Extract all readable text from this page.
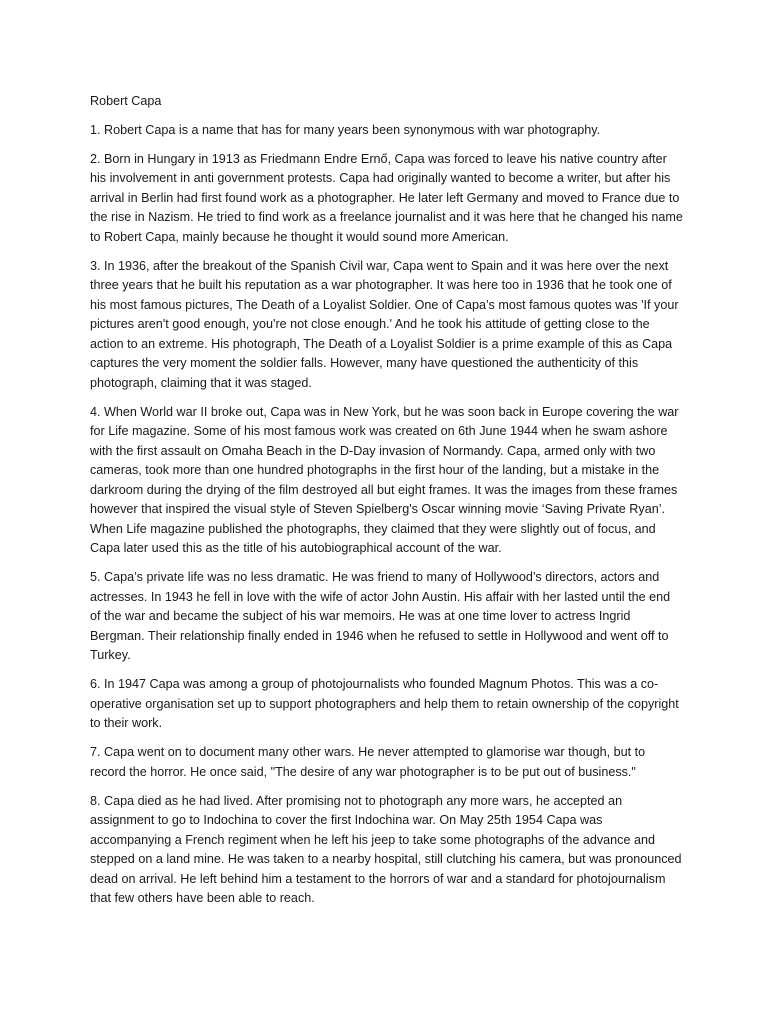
Robert Capa

1. Robert Capa is a name that has for many years been synonymous with war photography.

2. Born in Hungary in 1913 as Friedmann Endre Ernő, Capa was forced to leave his native country after his involvement in anti government protests. Capa had originally wanted to become a writer, but after his arrival in Berlin had first found work as a photographer. He later left Germany and moved to France due to the rise in Nazism. He tried to find work as a freelance journalist and it was here that he changed his name to Robert Capa, mainly because he thought it would sound more American.

3. In 1936, after the breakout of the Spanish Civil war, Capa went to Spain and it was here over the next three years that he built his reputation as a war photographer. It was here too in 1936 that he took one of his most famous pictures, The Death of a Loyalist Soldier. One of Capa’s most famous quotes was 'If your pictures aren't good enough, you're not close enough.' And he took his attitude of getting close to the action to an extreme. His photograph, The Death of a Loyalist Soldier is a prime example of this as Capa captures the very moment the soldier falls. However, many have questioned the authenticity of this photograph, claiming that it was staged.

4. When World war II broke out, Capa was in New York, but he was soon back in Europe covering the war for Life magazine. Some of his most famous work was created on 6th June 1944 when he swam ashore with the first assault on Omaha Beach in the D-Day invasion of Normandy. Capa, armed only with two cameras, took more than one hundred photographs in the first hour of the landing, but a mistake in the darkroom during the drying of the film destroyed all but eight frames. It was the images from these frames however that inspired the visual style of Steven Spielberg's Oscar winning movie ‘Saving Private Ryan’. When Life magazine published the photographs, they claimed that they were slightly out of focus, and Capa later used this as the title of his autobiographical account of the war.

5. Capa’s private life was no less dramatic. He was friend to many of Hollywood’s directors, actors and actresses. In 1943 he fell in love with the wife of actor John Austin. His affair with her lasted until the end of the war and became the subject of his war memoirs. He was at one time lover to actress Ingrid Bergman. Their relationship finally ended in 1946 when he refused to settle in Hollywood and went off to Turkey.

6. In 1947 Capa was among a group of photojournalists who founded Magnum Photos. This was a co-operative organisation set up to support photographers and help them to retain ownership of the copyright to their work.

7. Capa went on to document many other wars. He never attempted to glamorise war though, but to record the horror. He once said, "The desire of any war photographer is to be put out of business."

8. Capa died as he had lived. After promising not to photograph any more wars, he accepted an assignment to go to Indochina to cover the first Indochina war. On May 25th 1954 Capa was accompanying a French regiment when he left his jeep to take some photographs of the advance and stepped on a land mine. He was taken to a nearby hospital, still clutching his camera, but was pronounced dead on arrival. He left behind him a testament to the horrors of war and a standard for photojournalism that few others have been able to reach.
